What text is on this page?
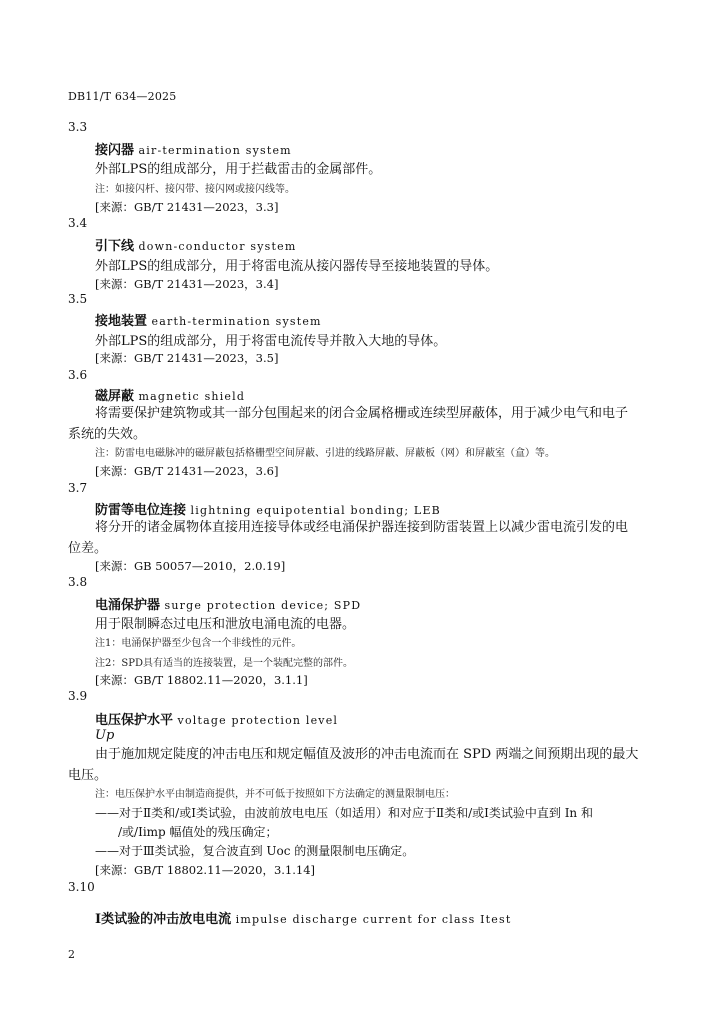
DB11/T 634—2025
3.3
接闪器 air-termination system
外部LPS的组成部分，用于拦截雷击的金属部件。
注：如接闪杆、接闪带、接闪网或接闪线等。
[来源：GB/T 21431—2023，3.3]
3.4
引下线 down-conductor system
外部LPS的组成部分，用于将雷电流从接闪器传导至接地装置的导体。
[来源：GB/T 21431—2023，3.4]
3.5
接地装置 earth-termination system
外部LPS的组成部分，用于将雷电流传导并散入大地的导体。
[来源：GB/T 21431—2023，3.5]
3.6
磁屏蔽 magnetic shield
将需要保护建筑物或其一部分包围起来的闭合金属格栅或连续型屏蔽体，用于减少电气和电子系统的失效。
注：防雷电电磁脉冲的磁屏蔽包括格栅型空间屏蔽、引进的线路屏蔽、屏蔽板（网）和屏蔽室（盒）等。
[来源：GB/T 21431—2023，3.6]
3.7
防雷等电位连接 lightning equipotential bonding; LEB
将分开的诸金属物体直接用连接导体或经电涌保护器连接到防雷装置上以减少雷电流引发的电位差。
[来源：GB 50057—2010，2.0.19]
3.8
电涌保护器 surge protection device; SPD
用于限制瞬态过电压和泄放电涌电流的电器。
注1：电涌保护器至少包含一个非线性的元件。
注2：SPD具有适当的连接装置，是一个装配完整的部件。
[来源：GB/T 18802.11—2020，3.1.1]
3.9
电压保护水平 voltage protection level
Up
由于施加规定陡度的冲击电压和规定幅值及波形的冲击电流而在 SPD 两端之间预期出现的最大电压。
注：电压保护水平由制造商提供，并不可低于按照如下方法确定的测量限制电压：
——对于Ⅱ类和/或Ⅰ类试验，由波前放电电压（如适用）和对应于Ⅱ类和/或Ⅰ类试验中直到 In 和
/或/Iimp 幅值处的残压确定；
——对于Ⅲ类试验，复合波直到 Uoc 的测量限制电压确定。
[来源：GB/T 18802.11—2020，3.1.14]
3.10
Ⅰ类试验的冲击放电电流 impulse discharge current for class Ⅰtest
2
